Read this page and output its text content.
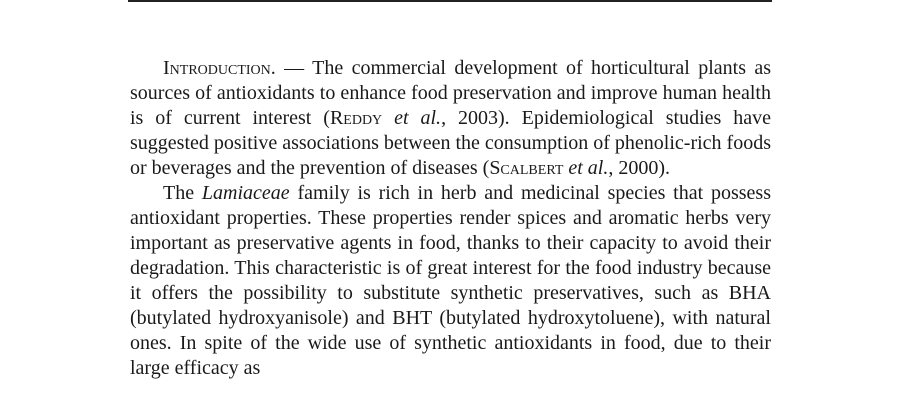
Introduction. — The commercial development of horticultural plants as sources of antioxidants to enhance food preservation and improve human health is of current interest (Reddy et al., 2003). Epidemiological studies have suggested positive associations between the consumption of phenolic-rich foods or beverages and the prevention of diseases (Scalbert et al., 2000).

The Lamiaceae family is rich in herb and medicinal species that possess antioxidant properties. These properties render spices and aromatic herbs very important as preservative agents in food, thanks to their capacity to avoid their degradation. This characteristic is of great interest for the food industry because it offers the possibility to substitute synthetic preservatives, such as BHA (butylated hydroxyanisole) and BHT (butylated hydroxytoluene), with natural ones. In spite of the wide use of synthetic antioxidants in food, due to their large efficacy as
